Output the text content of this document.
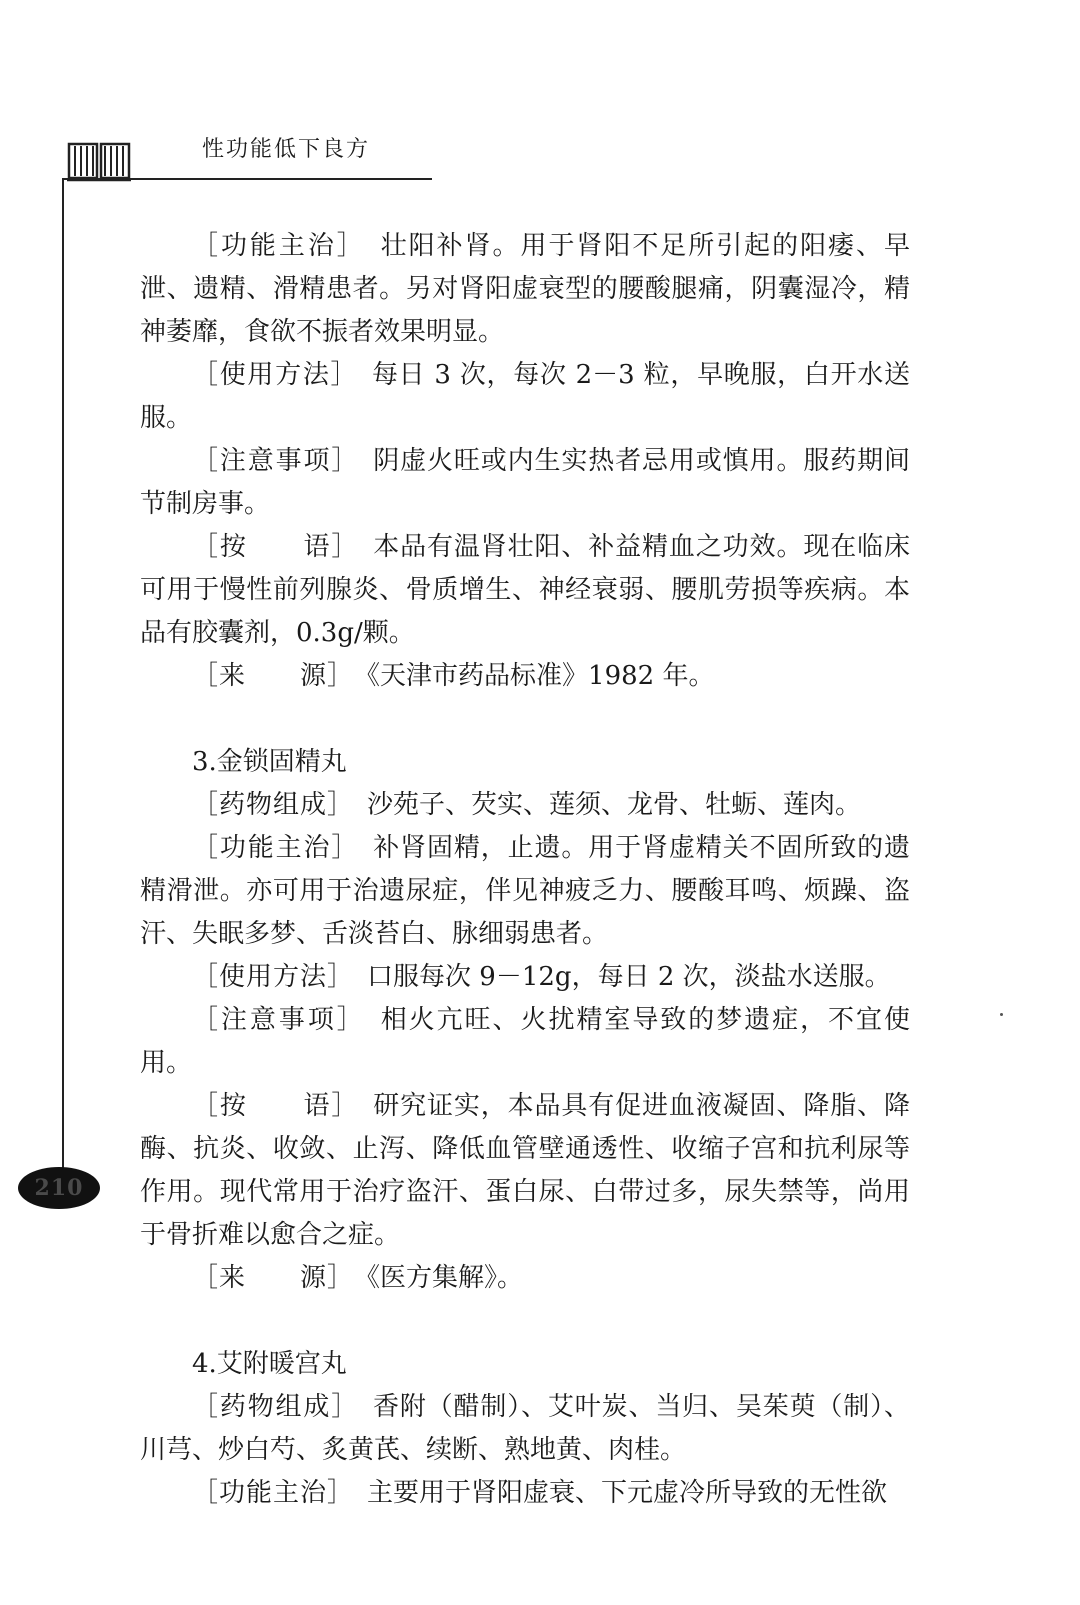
性功能低下良方
210

［功能主治］　 壮阳补肾。用于肾阳不足所引起的阳痿、早泄、遗精、滑精患者。另对肾阳虚衰型的腰酸腿痛，阴囊湿冷，精神萎靡，食欲不振者效果明显。

［使用方法］　 每日 3 次，每次 2－3 粒，早晚服，白开水送服。

［注意事项］　 阴虚火旺或内生实热者忌用或慎用。服药期间节制房事。

［按　　语］　 本品有温肾壮阳、补益精血之功效。现在临床可用于慢性前列腺炎、骨质增生、神经衰弱、腰肌劳损等疾病。本品有胶囊剂，0.3g/颗。

［来　　源］　 《天津市药品标准》1982 年。

3.金锁固精丸

［药物组成］　 沙苑子、芡实、莲须、龙骨、牡蛎、莲肉。

［功能主治］　 补肾固精，止遗。用于肾虚精关不固所致的遗精滑泄。亦可用于治遗尿症，伴见神疲乏力、腰酸耳鸣、烦躁、盗汗、失眠多梦、舌淡苔白、脉细弱患者。

［使用方法］　 口服每次 9－12g，每日 2 次，淡盐水送服。

［注意事项］　 相火亢旺、火扰精室导致的梦遗症，不宜使用。

［按　　语］　 研究证实，本品具有促进血液凝固、降脂、降酶、抗炎、收敛、止泻、降低血管壁通透性、收缩子宫和抗利尿等作用。现代常用于治疗盗汗、蛋白尿、白带过多，尿失禁等，尚用于骨折难以愈合之症。

［来　　源］　 《医方集解》。

4.艾附暖宫丸

［药物组成］　 香附（醋制）、艾叶炭、当归、吴茱萸（制）、川芎、炒白芍、炙黄芪、续断、熟地黄、肉桂。

［功能主治］　 主要用于肾阳虚衰、下元虚冷所导致的无性欲
